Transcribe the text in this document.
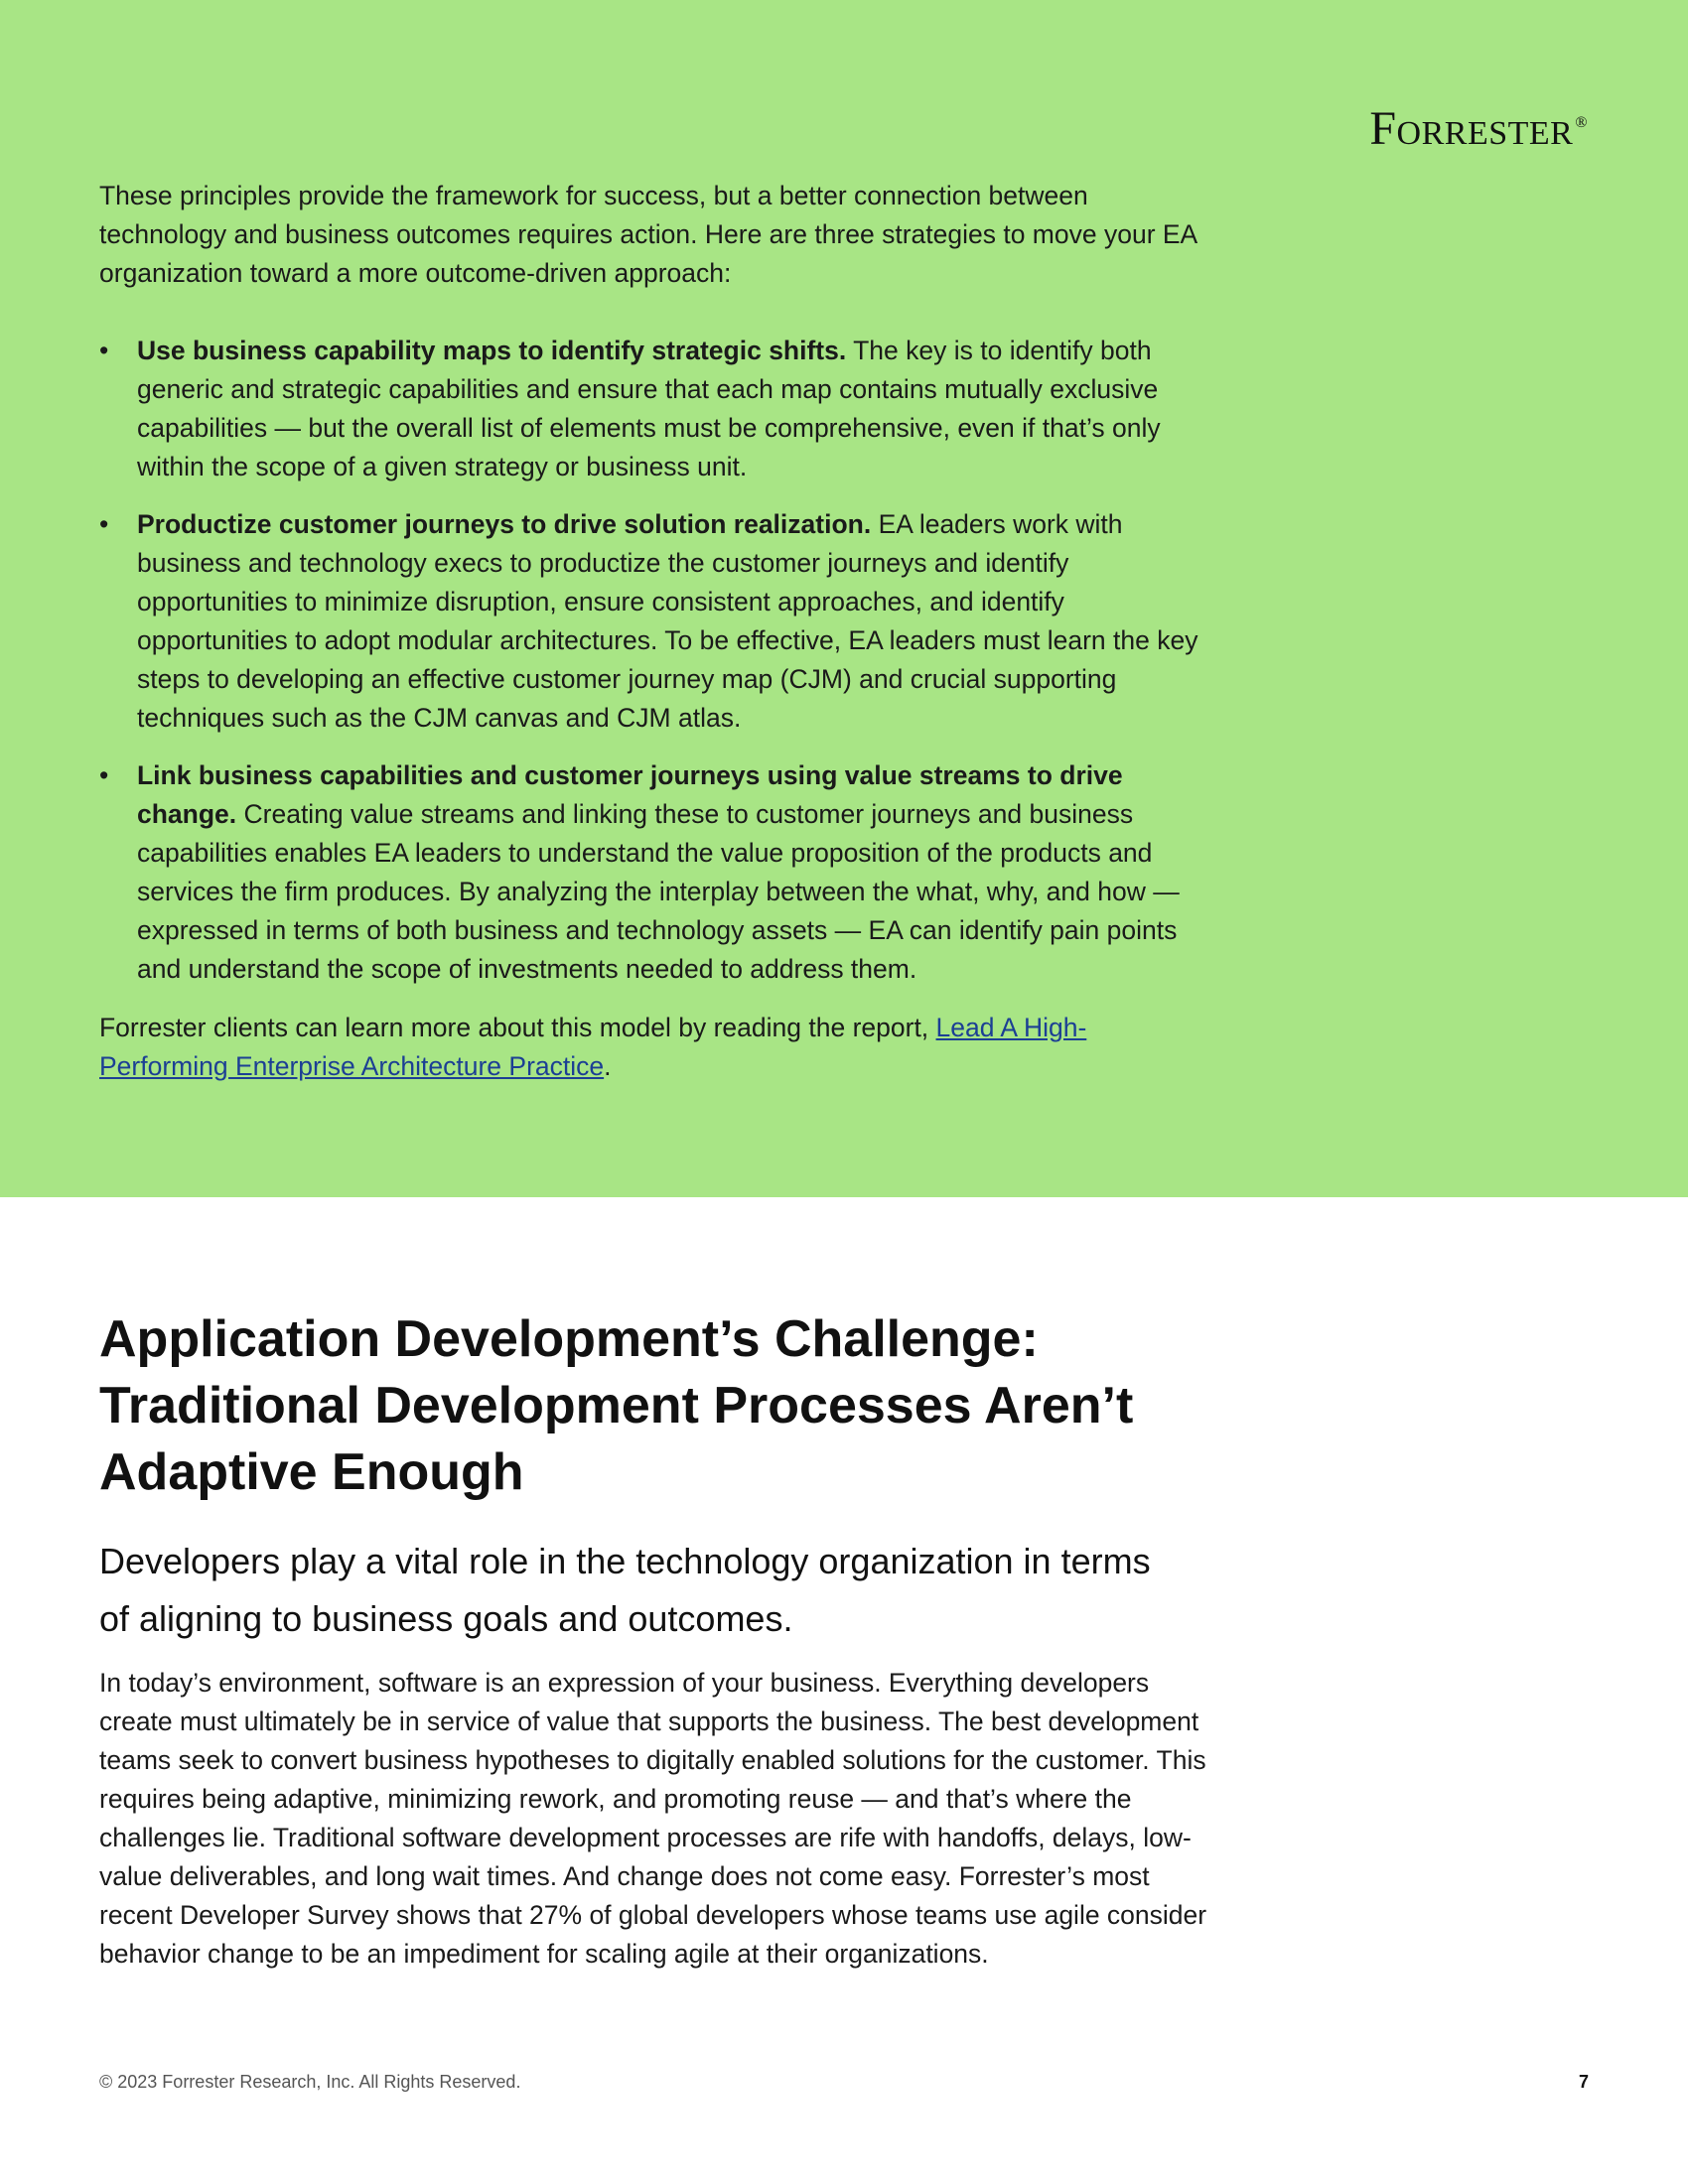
Forrester ®

These principles provide the framework for success, but a better connection between technology and business outcomes requires action. Here are three strategies to move your EA organization toward a more outcome-driven approach:

• Use business capability maps to identify strategic shifts. The key is to identify both generic and strategic capabilities and ensure that each map contains mutually exclusive capabilities — but the overall list of elements must be comprehensive, even if that’s only within the scope of a given strategy or business unit.
• Productize customer journeys to drive solution realization. EA leaders work with business and technology execs to productize the customer journeys and identify opportunities to minimize disruption, ensure consistent approaches, and identify opportunities to adopt modular architectures. To be effective, EA leaders must learn the key steps to developing an effective customer journey map (CJM) and crucial supporting techniques such as the CJM canvas and CJM atlas.
• Link business capabilities and customer journeys using value streams to drive change. Creating value streams and linking these to customer journeys and business capabilities enables EA leaders to understand the value proposition of the products and services the firm produces. By analyzing the interplay between the what, why, and how — expressed in terms of both business and technology assets — EA can identify pain points and understand the scope of investments needed to address them.

Forrester clients can learn more about this model by reading the report, Lead A High-Performing Enterprise Architecture Practice.

Application Development’s Challenge: Traditional Development Processes Aren’t Adaptive Enough

Developers play a vital role in the technology organization in terms of aligning to business goals and outcomes.

In today’s environment, software is an expression of your business. Everything developers create must ultimately be in service of value that supports the business. The best development teams seek to convert business hypotheses to digitally enabled solutions for the customer. This requires being adaptive, minimizing rework, and promoting reuse — and that’s where the challenges lie. Traditional software development processes are rife with handoffs, delays, low-value deliverables, and long wait times. And change does not come easy. Forrester’s most recent Developer Survey shows that 27% of global developers whose teams use agile consider behavior change to be an impediment for scaling agile at their organizations.

© 2023 Forrester Research, Inc. All Rights Reserved.	7
